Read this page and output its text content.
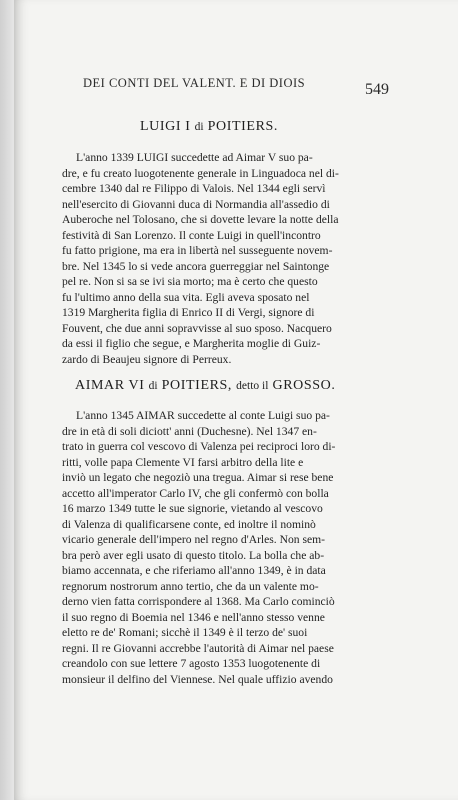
DEI CONTI DEL VALENT. E DI DIOIS	549
LUIGI I di POITIERS.
L'anno 1339 LUIGI succedette ad Aimar V suo pa-
dre, e fu creato luogotenente generale in Linguadoca nel di-
cembre 1340 dal re Filippo di Valois. Nel 1344 egli servì
nell'esercito di Giovanni duca di Normandia all'assedio di
Auberoche nel Tolosano, che si dovette levare la notte della
festività di San Lorenzo. Il conte Luigi in quell'incontro
fu fatto prigione, ma era in libertà nel susseguente novem-
bre. Nel 1345 lo si vede ancora guerreggiar nel Saintonge
pel re. Non si sa se ivi sia morto; ma è certo che questo
fu l'ultimo anno della sua vita. Egli aveva sposato nel
1319 Margherita figlia di Enrico II di Vergi, signore di
Fouvent, che due anni sopravvisse al suo sposo. Nacquero
da essi il figlio che segue, e Margherita moglie di Guiz-
zardo di Beaujeu signore di Perreux.
AIMAR VI di POITIERS, detto il GROSSO.
L'anno 1345 AIMAR succedette al conte Luigi suo pa-
dre in età di soli diciott' anni (Duchesne). Nel 1347 en-
trato in guerra col vescovo di Valenza pei reciproci loro di-
ritti, volle papa Clemente VI farsi arbitro della lite e
inviò un legato che negoziò una tregua. Aimar si rese bene
accetto all'imperator Carlo IV, che gli confermò con bolla
16 marzo 1349 tutte le sue signorie, vietando al vescovo
di Valenza di qualificarsene conte, ed inoltre il nominò
vicario generale dell'impero nel regno d'Arles. Non sem-
bra però aver egli usato di questo titolo. La bolla che ab-
biamo accennata, e che riferiamo all'anno 1349, è in data
regnorum nostrorum anno tertio, che da un valente mo-
derno vien fatta corrispondere al 1368. Ma Carlo cominciò
il suo regno di Boemia nel 1346 e nell'anno stesso venne
eletto re de' Romani; sicchè il 1349 è il terzo de' suoi
regni. Il re Giovanni accrebbe l'autorità di Aimar nel paese
creandolo con sue lettere 7 agosto 1353 luogotenente di
monsieur il delfino del Viennese. Nel quale uffizio avendo
